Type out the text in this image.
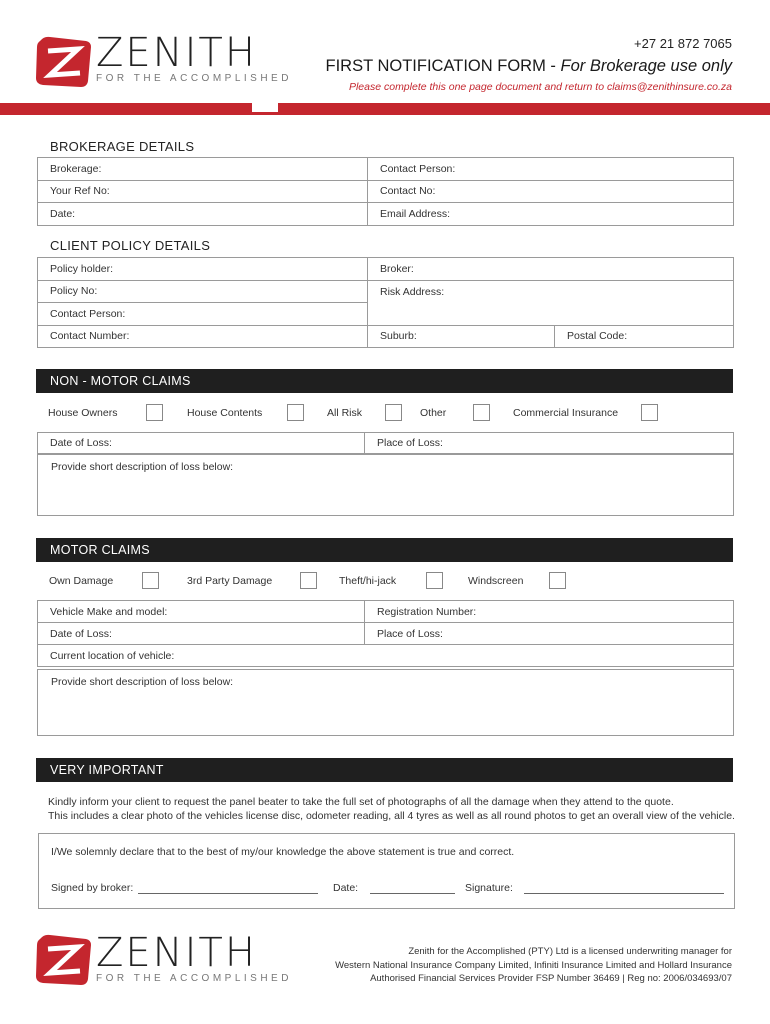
ZENITH
FOR THE ACCOMPLISHED
+27 21 872 7065
FIRST NOTIFICATION FORM - For Brokerage use only
Please complete this one page document and return to claims@zenithinsure.co.za
BROKERAGE DETAILS
Brokerage:	Contact Person:
Your Ref No:	Contact No:
Date:	Email Address:
CLIENT POLICY DETAILS
Policy holder:	Broker:	
Policy No:	Risk Address:	
Contact Person:		
Contact Number:	Suburb:	Postal Code:
NON - MOTOR CLAIMS
House Owners	House Contents	All Risk	Other	Commercial Insurance
Date of Loss:	Place of Loss:
Provide short description of loss below:
MOTOR CLAIMS
Own Damage	3rd Party Damage	Theft/hi-jack	Windscreen
Vehicle Make and model:	Registration Number:
Date of Loss:	Place of Loss:
Current location of vehicle:	
Provide short description of loss below:
VERY IMPORTANT
Kindly inform your client to request the panel beater to take the full set of photographs of all the damage when they attend to the quote.
This includes a clear photo of the vehicles license disc, odometer reading, all 4 tyres as well as all round photos to get an overall view of the vehicle.
I/We solemnly declare that to the best of my/our knowledge the above statement is true and correct.
Signed by broker:	Date:	Signature:
ZENITH
FOR THE ACCOMPLISHED
Zenith for the Accomplished (PTY) Ltd is a licensed underwriting manager for
Western National Insurance Company Limited, Infiniti Insurance Limited and Hollard Insurance
Authorised Financial Services Provider FSP Number 36469 | Reg no: 2006/034693/07
